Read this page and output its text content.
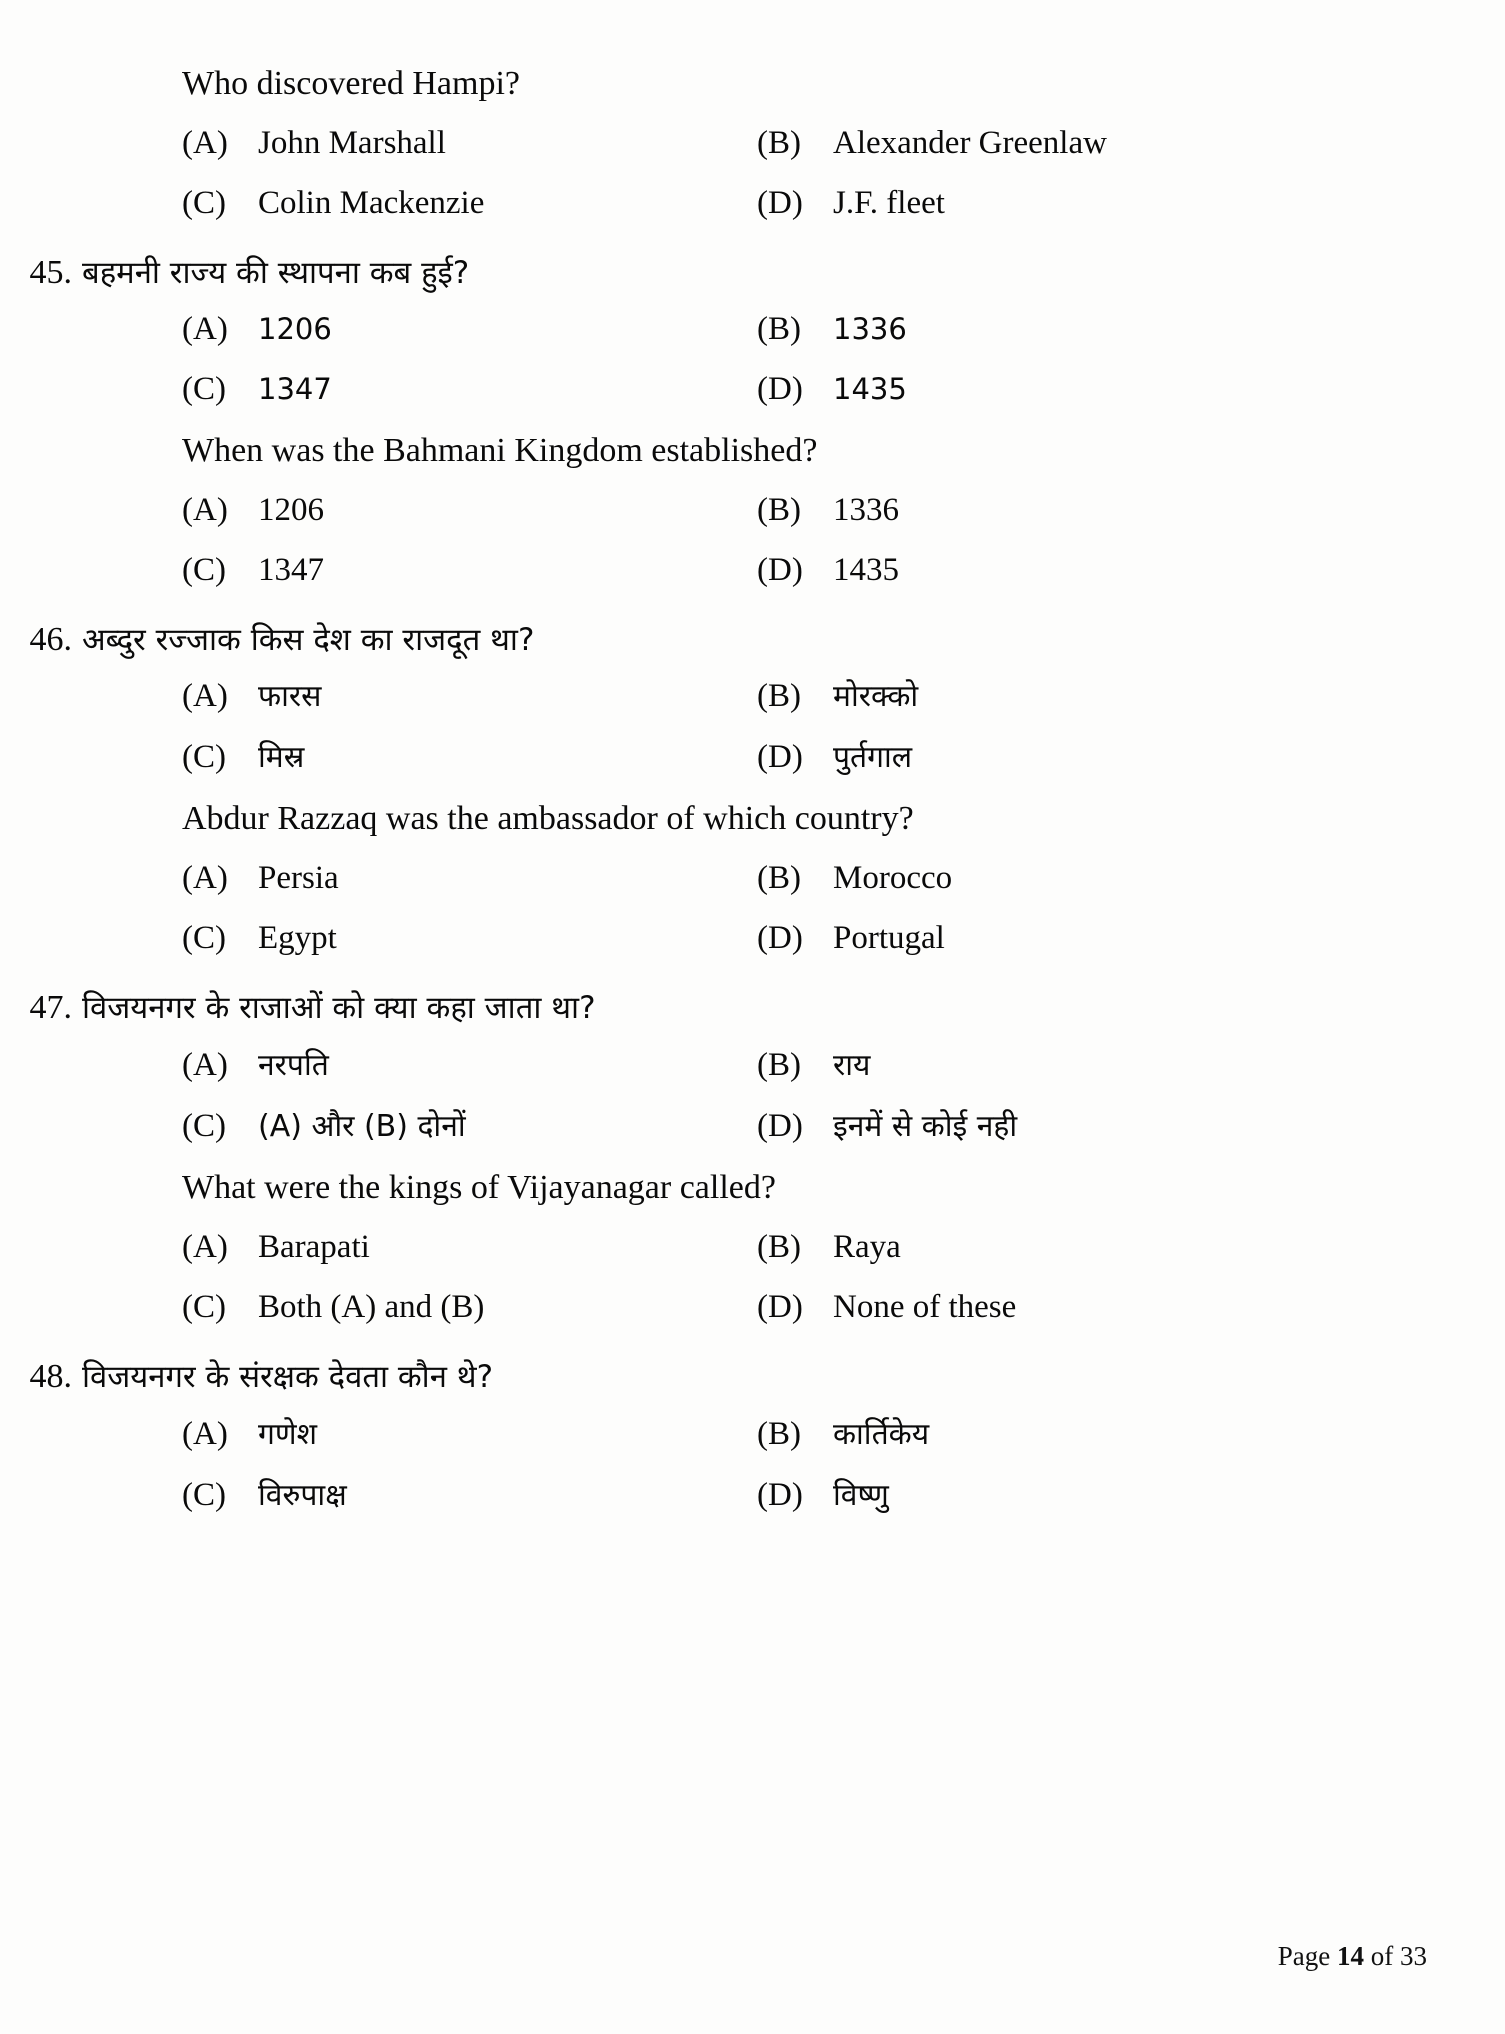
Who discovered Hampi?
(A) John Marshall	(B) Alexander Greenlaw
(C) Colin Mackenzie	(D) J.F. fleet
45. बहमनी राज्य की स्थापना कब हुई?
(A)	1206	(B)	1336
(C)	1347	(D)	1435
When was the Bahmani Kingdom established?
(A) 1206	(B) 1336
(C) 1347	(D) 1435
46. अब्दुर रज्जाक किस देश का राजदूत था?
(A)	फारस	(B)	मोरक्को
(C)	मिस्र	(D)	पुर्तगाल
Abdur Razzaq was the ambassador of which country?
(A) Persia	(B) Morocco
(C) Egypt	(D) Portugal
47. विजयनगर के राजाओं को क्या कहा जाता था?
(A)	नरपति	(B)	राय
(C)	(A) और (B) दोनों	(D)	इनमें से कोई नही
What were the kings of Vijayanagar called?
(A) Barapati	(B) Raya
(C) Both (A) and (B)	(D) None of these
48. विजयनगर के संरक्षक देवता कौन थे?
(A)	गणेश	(B)	कार्तिकेय
(C)	विरुपाक्ष	(D)	विष्णु
Page 14 of 33
